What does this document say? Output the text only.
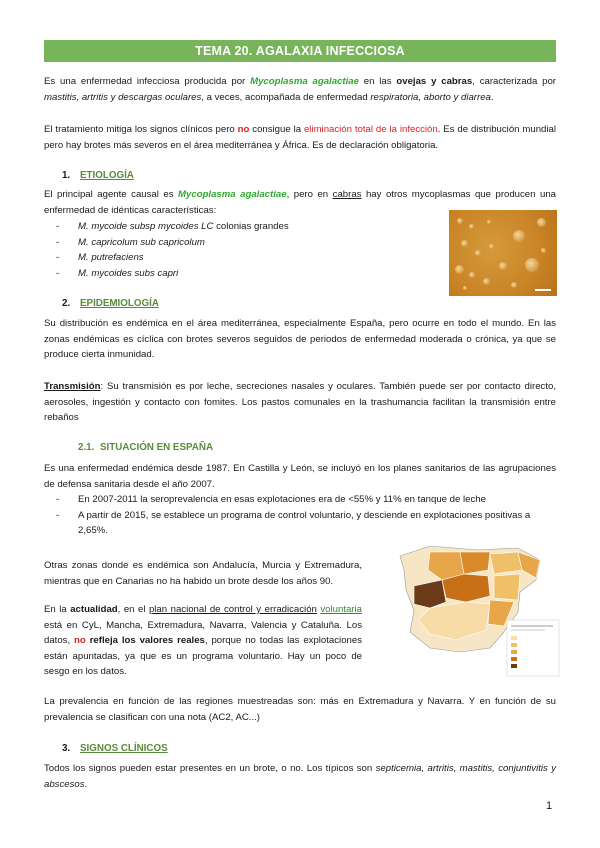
TEMA 20. AGALAXIA INFECCIOSA

Es una enfermedad infecciosa producida por Mycoplasma agalactiae en las ovejas y cabras, caracterizada por mastitis, artritis y descargas oculares, a veces, acompañada de enfermedad respiratoria, aborto y diarrea.

El tratamiento mitiga los signos clínicos pero no consigue la eliminación total de la infección. Es de distribución mundial pero hay brotes más severos en el área mediterránea y África. Es de declaración obligatoria.

1. ETIOLOGÍA

El principal agente causal es Mycoplasma agalactiae, pero en cabras hay otros mycoplasmas que producen una enfermedad de idénticas características:

- M. mycoide subsp mycoides LC colonias grandes
- M. capricolum sub capricolum
- M. putrefaciens
- M. mycoides subs capri
2. EPIDEMIOLOGÍA

Su distribución es endémica en el área mediterránea, especialmente España, pero ocurre en todo el mundo. En las zonas endémicas es cíclica con brotes severos seguidos de periodos de enfermedad moderada o crónica, ya que se produce cierta inmunidad.

Transmisión: Su transmisión es por leche, secreciones nasales y oculares. También puede ser por contacto directo, aerosoles, ingestión y contacto con fomites. Los pastos comunales en la trashumancia facilitan la transmisión entre rebaños

2.1. SITUACIÓN EN ESPAÑA

Es una enfermedad endémica desde 1987. En Castilla y León, se incluyó en los planes sanitarios de las agrupaciones de defensa sanitaria desde el año 2007.

- En 2007-2011 la seroprevalencia en esas explotaciones era de <55% y 11% en tanque de leche
- A partir de 2015, se establece un programa de control voluntario, y desciende en explotaciones positivas a 2,65%.

Otras zonas donde es endémica son Andalucía, Murcia y Extremadura, mientras que en Canarias no ha habido un brote desde los años 90.

En la actualidad, en el plan nacional de control y erradicación voluntaria está en CyL, Mancha, Extremadura, Navarra, Valencia y Cataluña. Los datos, no refleja los valores reales, porque no todas las explotaciones están apuntadas, ya que es un programa voluntario. Hay un poco de sesgo en los datos.

La prevalencia en función de las regiones muestreadas son: más en Extremadura y Navarra. Y en función de su prevalencia se clasifican con una nota (AC2, AC...)

3. SIGNOS CLÍNICOS

Todos los signos pueden estar presentes en un brote, o no. Los típicos son septicemia, artritis, mastitis, conjuntivitis y abscesos.

1
